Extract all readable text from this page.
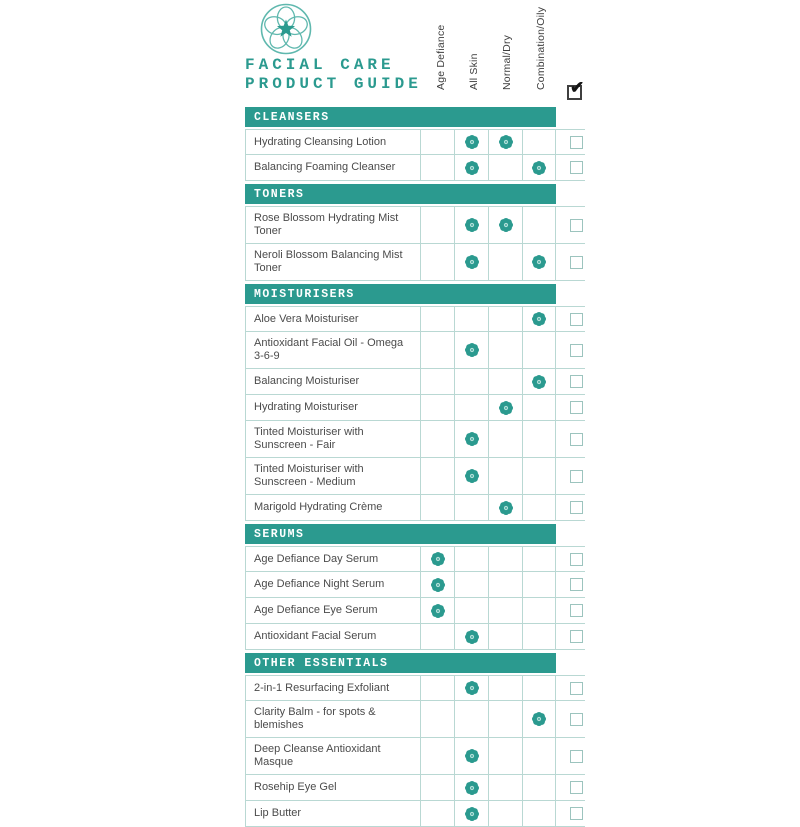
FACIAL CARE
PRODUCT GUIDE Age Defiance All Skin Normal/Dry Combination/Oily ✔
CLEANSERS
Hydrating Cleansing Lotion
Balancing Foaming Cleanser
TONERS
Rose Blossom Hydrating Mist Toner
Neroli Blossom Balancing Mist Toner
MOISTURISERS
Aloe Vera Moisturiser
Antioxidant Facial Oil - Omega 3-6-9
Balancing Moisturiser
Hydrating Moisturiser
Tinted Moisturiser with Sunscreen - Fair
Tinted Moisturiser with Sunscreen - Medium
Marigold Hydrating Crème
SERUMS
Age Defiance Day Serum
Age Defiance Night Serum
Age Defiance Eye Serum
Antioxidant Facial Serum
OTHER ESSENTIALS
2-in-1 Resurfacing Exfoliant
Clarity Balm - for spots & blemishes
Deep Cleanse Antioxidant Masque
Rosehip Eye Gel
Lip Butter
